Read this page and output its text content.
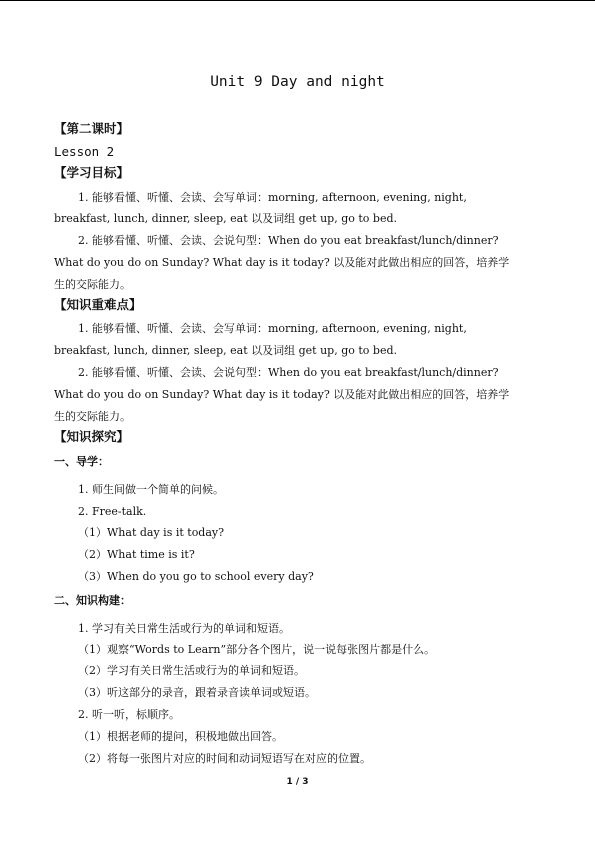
Unit 9 Day and night
【第二课时】
Lesson 2
【学习目标】
1. 能够看懂、听懂、会读、会写单词：morning, afternoon, evening, night,
breakfast, lunch, dinner, sleep, eat 以及词组 get up, go to bed.
2. 能够看懂、听懂、会读、会说句型：When do you eat breakfast/lunch/dinner?
What do you do on Sunday? What day is it today? 以及能对此做出相应的回答，培养学
生的交际能力。
【知识重难点】
1. 能够看懂、听懂、会读、会写单词：morning, afternoon, evening, night,
breakfast, lunch, dinner, sleep, eat 以及词组 get up, go to bed.
2. 能够看懂、听懂、会读、会说句型：When do you eat breakfast/lunch/dinner?
What do you do on Sunday? What day is it today? 以及能对此做出相应的回答，培养学
生的交际能力。
【知识探究】
一、导学：
1. 师生间做一个简单的问候。
2. Free-talk.
（1）What day is it today?
（2）What time is it?
（3）When do you go to school every day?
二、知识构建：
1. 学习有关日常生活或行为的单词和短语。
（1）观察“Words to Learn”部分各个图片，说一说每张图片都是什么。
（2）学习有关日常生活或行为的单词和短语。
（3）听这部分的录音，跟着录音读单词或短语。
2. 听一听，标顺序。
（1）根据老师的提问，积极地做出回答。
（2）将每一张图片对应的时间和动词短语写在对应的位置。
1 / 3
